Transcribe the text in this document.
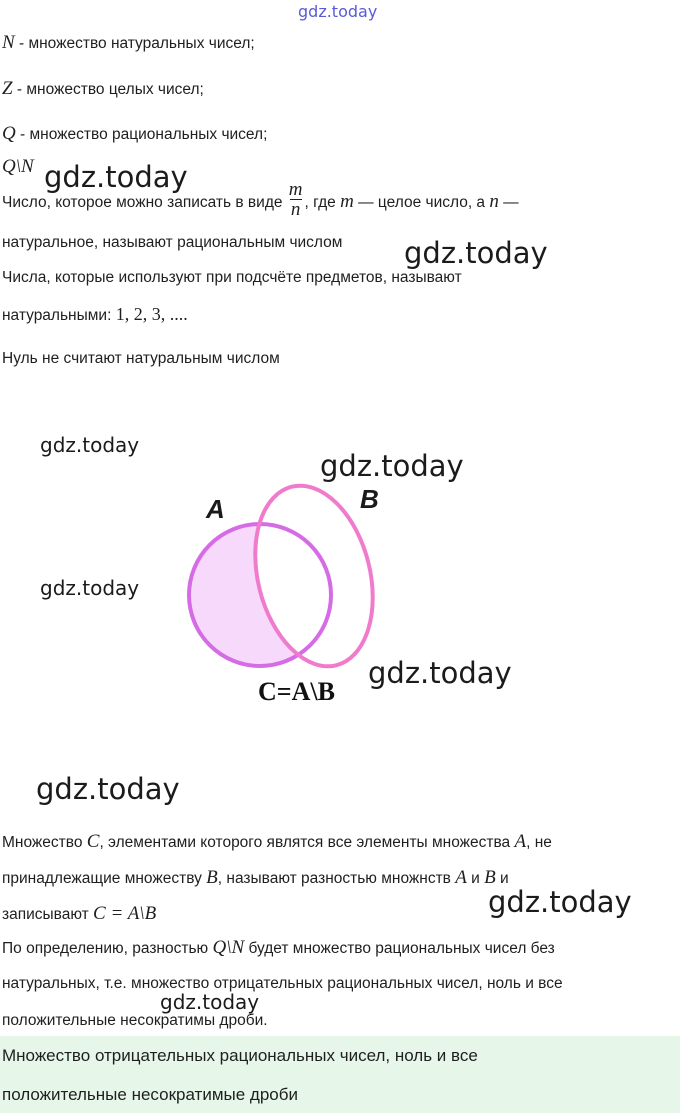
gdz.today
gdz.today
gdz.today
gdz.today
gdz.today
gdz.today
gdz.today
gdz.today
gdz.today
gdz.today
N - множество натуральных чисел;
Z - множество целых чисел;
Q - множество рациональных чисел;
Q\N
Число, которое можно записать в виде $\frac{m}{n}$ , где m — целое число, а n —
натуральное, называют рациональным числом
Числа, которые используют при подсчёте предметов, называют
натуральными: 1, 2, 3, ....
Нуль не считают натуральным числом
A	B
C=A\B
Множество C, элементами которого являтся все элементы множества A, не
принадлежащие множеству B, называют разностью множнств A и B и
записывают C = A\B
По определению, разностью Q\N будет множество рациональных чисел без
натуральных, т.е. множество отрицательных рациональных чисел, ноль и все
положительные несократимы дроби.
Множество отрицательных рациональных чисел, ноль и все
положительные несократимые дроби
